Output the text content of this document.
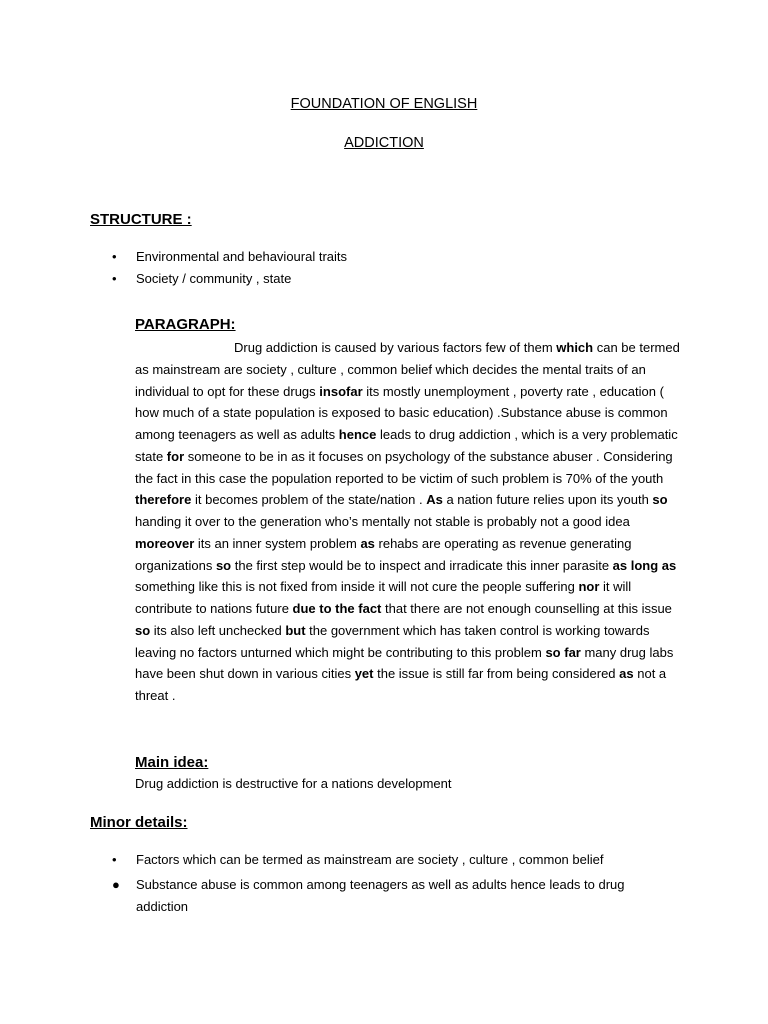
FOUNDATION OF ENGLISH
ADDICTION
STRUCTURE :
• Environmental and behavioural traits
• Society / community , state
PARAGRAPH:
Drug addiction is caused by various factors few of them which can be termed as mainstream are society , culture , common belief which decides the mental traits of an individual to opt for these drugs insofar its mostly unemployment , poverty rate , education ( how much of a state population is exposed to basic education) .Substance abuse is common among teenagers as well as adults hence leads to drug addiction , which is a very problematic state for someone to be in as it focuses on psychology of the substance abuser . Considering the fact in this case the population reported to be victim of such problem is 70% of the youth therefore it becomes problem of the state/nation . As a nation future relies upon its youth so handing it over to the generation who’s mentally not stable is probably not a good idea moreover its an inner system problem as rehabs are operating as revenue generating organizations so the first step would be to inspect and irradicate this inner parasite as long as something like this is not fixed from inside it will not cure the people suffering nor it will contribute to nations future due to the fact that there are not enough counselling at this issue so its also left unchecked but the government which has taken control is working towards leaving no factors unturned which might be contributing to this problem so far many drug labs have been shut down in various cities yet the issue is still far from being considered as not a threat .
Main idea:
Drug addiction is destructive for a nations development
Minor details:
• Factors which can be termed as mainstream are society , culture , common belief
● Substance abuse is common among teenagers as well as adults hence leads to drug addiction
